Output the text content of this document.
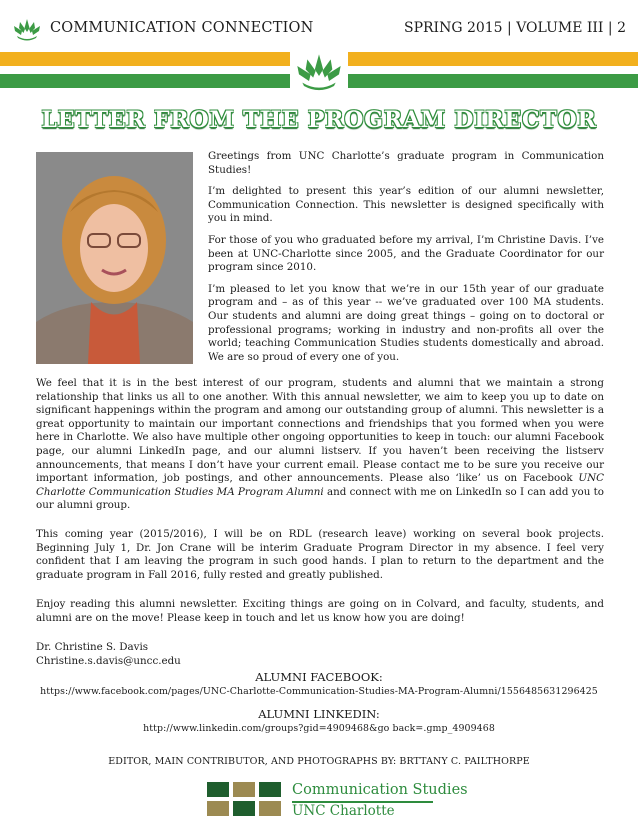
COMMUNICATION CONNECTION	SPRING 2015 | VOLUME III | 2
LETTER FROM THE PROGRAM DIRECTOR

Greetings from UNC Charlotte’s graduate program in Communication Studies!

I’m delighted to present this year’s edition of our alumni newsletter, Communication Connection. This newsletter is designed specifically with you in mind.

For those of you who graduated before my arrival, I’m Christine Davis. I’ve been at UNC-Charlotte since 2005, and the Graduate Coordinator for our program since 2010.

I’m pleased to let you know that we’re in our 15th year of our graduate program and – as of this year -- we’ve graduated over 100 MA students. Our students and alumni are doing great things – going on to doctoral or professional programs; working in industry and non-profits all over the world; teaching Communication Studies students domestically and abroad. We are so proud of every one of you.

We feel that it is in the best interest of our program, students and alumni that we maintain a strong relationship that links us all to one another. With this annual newsletter, we aim to keep you up to date on significant happenings within the program and among our outstanding group of alumni. This newsletter is a great opportunity to maintain our important connections and friendships that you formed when you were here in Charlotte. We also have multiple other ongoing opportunities to keep in touch: our alumni Facebook page, our alumni LinkedIn page, and our alumni listserv. If you haven’t been receiving the listserv announcements, that means I don’t have your current email. Please contact me to be sure you receive our important information, job postings, and other announcements. Please also ‘like’ us on Facebook UNC Charlotte Communication Studies MA Program Alumni and connect with me on LinkedIn so I can add you to our alumni group.

This coming year (2015/2016), I will be on RDL (research leave) working on several book projects. Beginning July 1, Dr. Jon Crane will be interim Graduate Program Director in my absence. I feel very confident that I am leaving the program in such good hands. I plan to return to the department and the graduate program in Fall 2016, fully rested and greatly published.

Enjoy reading this alumni newsletter. Exciting things are going on in Colvard, and faculty, students, and alumni are on the move! Please keep in touch and let us know how you are doing!

Dr. Christine S. Davis
Christine.s.davis@uncc.edu
ALUMNI FACEBOOK:
https://www.facebook.com/pages/UNC-Charlotte-Communication-Studies-MA-Program-Alumni/1556485631296425
ALUMNI LINKEDIN:
http://www.linkedin.com/groups?gid=4909468&go back=.gmp_4909468
EDITOR, MAIN CONTRIBUTOR, AND PHOTOGRAPHS BY: BRTTANY C. PAILTHORPE
Communication Studies
UNC Charlotte
